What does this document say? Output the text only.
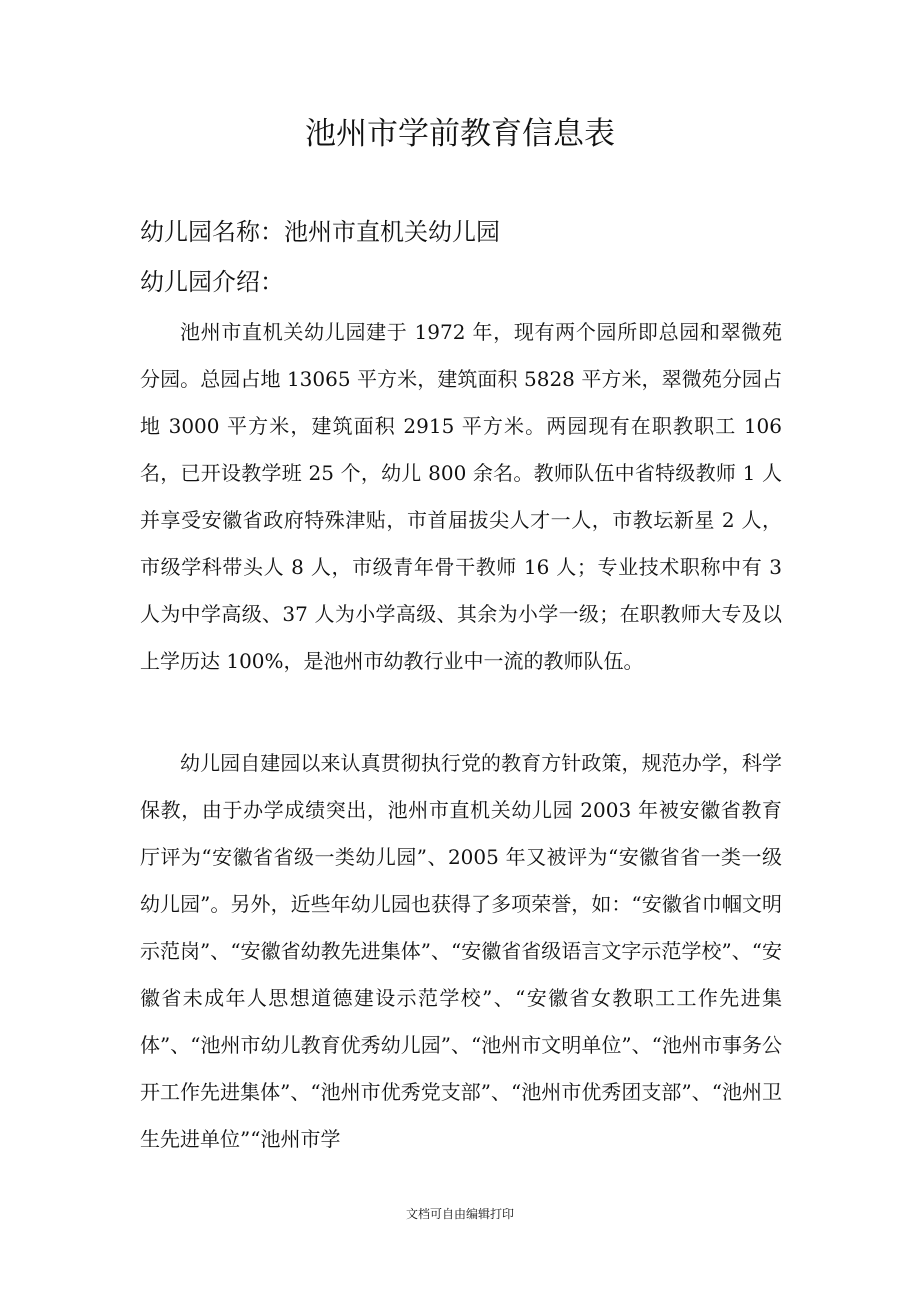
池州市学前教育信息表
幼儿园名称：池州市直机关幼儿园
幼儿园介绍：

池州市直机关幼儿园建于 1972 年，现有两个园所即总园和翠微苑分园。总园占地 13065 平方米，建筑面积 5828 平方米，翠微苑分园占地 3000 平方米，建筑面积 2915 平方米。两园现有在职教职工 106 名，已开设教学班 25 个，幼儿 800 余名。教师队伍中省特级教师 1 人并享受安徽省政府特殊津贴，市首届拔尖人才一人，市教坛新星 2 人，市级学科带头人 8 人，市级青年骨干教师 16 人；专业技术职称中有 3 人为中学高级、37 人为小学高级、其余为小学一级；在职教师大专及以上学历达 100%，是池州市幼教行业中一流的教师队伍。

幼儿园自建园以来认真贯彻执行党的教育方针政策，规范办学，科学保教，由于办学成绩突出，池州市直机关幼儿园 2003 年被安徽省教育厅评为“安徽省省级一类幼儿园”、2005 年又被评为“安徽省省一类一级幼儿园”。另外，近些年幼儿园也获得了多项荣誉，如：“安徽省巾帼文明示范岗”、“安徽省幼教先进集体”、“安徽省省级语言文字示范学校”、“安徽省未成年人思想道德建设示范学校”、“安徽省女教职工工作先进集体”、“池州市幼儿教育优秀幼儿园”、“池州市文明单位”、“池州市事务公开工作先进集体”、“池州市优秀党支部”、“池州市优秀团支部”、“池州卫生先进单位”“池州市学

文档可自由编辑打印
